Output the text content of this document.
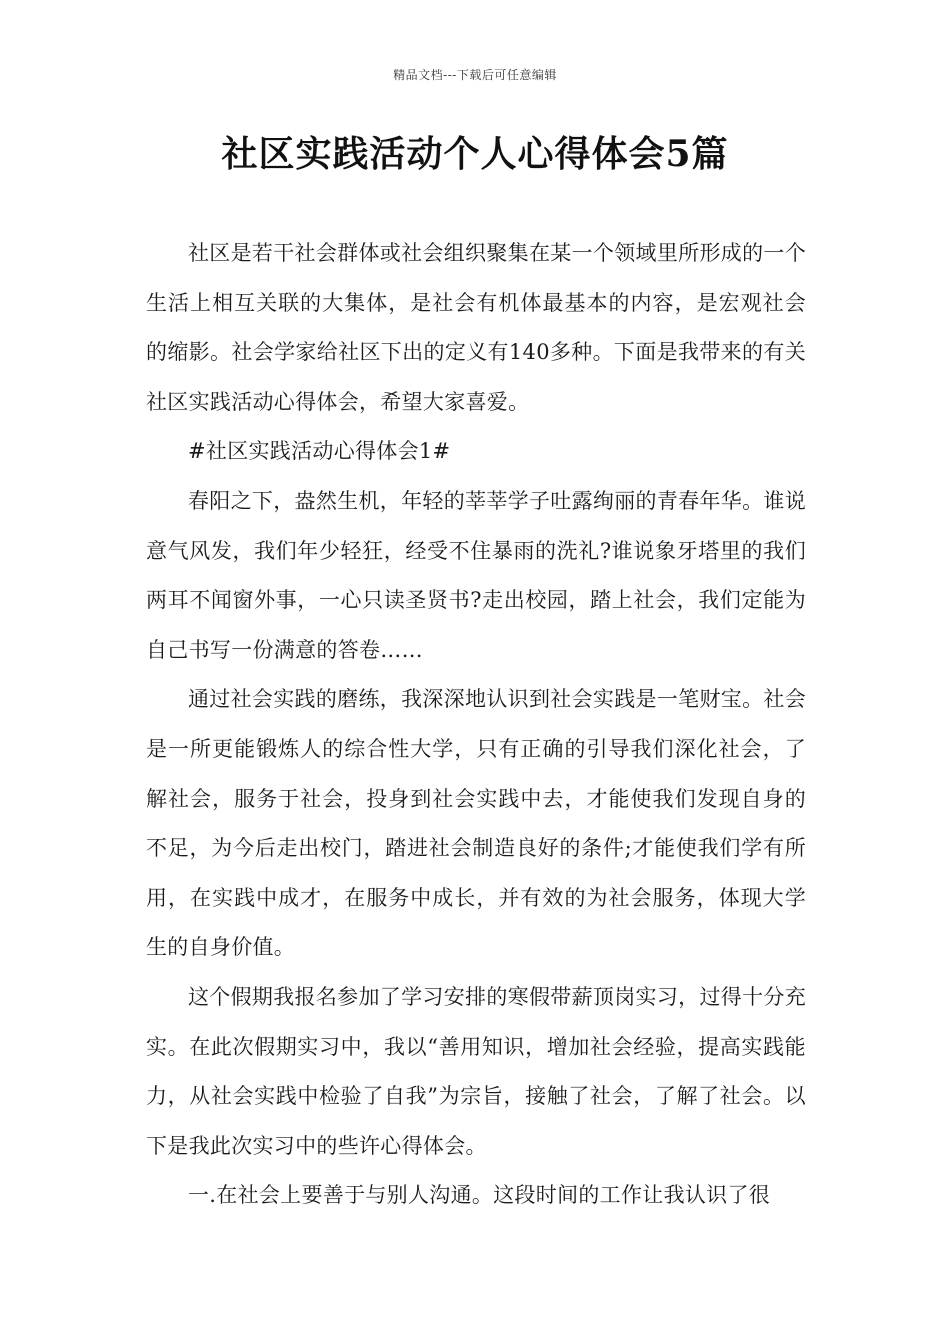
精品文档---下载后可任意编辑
社区实践活动个人心得体会5篇

社区是若干社会群体或社会组织聚集在某一个领域里所形成的一个生活上相互关联的大集体，是社会有机体最基本的内容，是宏观社会的缩影。社会学家给社区下出的定义有140多种。下面是我带来的有关社区实践活动心得体会，希望大家喜爱。

#社区实践活动心得体会1#

春阳之下，盎然生机，年轻的莘莘学子吐露绚丽的青春年华。谁说意气风发，我们年少轻狂，经受不住暴雨的洗礼?谁说象牙塔里的我们两耳不闻窗外事，一心只读圣贤书?走出校园，踏上社会，我们定能为自己书写一份满意的答卷……

通过社会实践的磨练，我深深地认识到社会实践是一笔财宝。社会是一所更能锻炼人的综合性大学，只有正确的引导我们深化社会，了解社会，服务于社会，投身到社会实践中去，才能使我们发现自身的不足，为今后走出校门，踏进社会制造良好的条件;才能使我们学有所用，在实践中成才，在服务中成长，并有效的为社会服务，体现大学生的自身价值。

这个假期我报名参加了学习安排的寒假带薪顶岗实习，过得十分充实。在此次假期实习中，我以“善用知识，增加社会经验，提高实践能力，从社会实践中检验了自我”为宗旨，接触了社会，了解了社会。以下是我此次实习中的些许心得体会。

一.在社会上要善于与别人沟通。这段时间的工作让我认识了很
